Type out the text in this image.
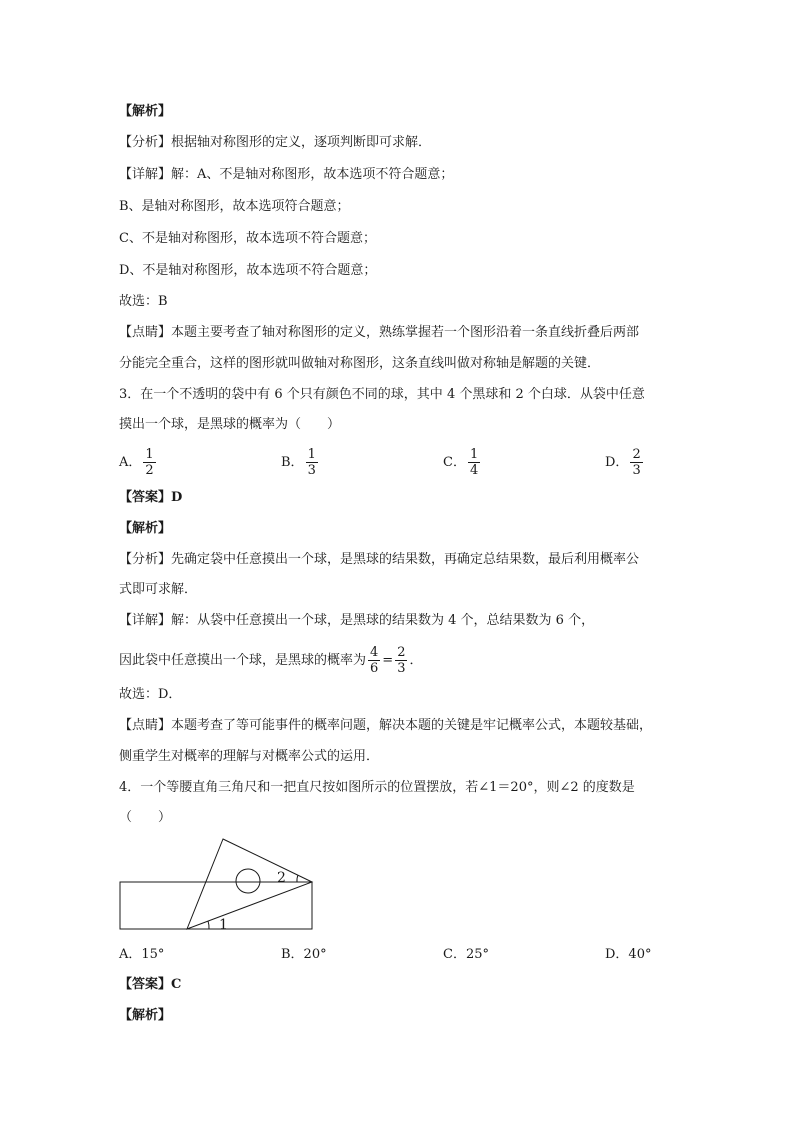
【解析】
【分析】根据轴对称图形的定义，逐项判断即可求解．
【详解】解：A、不是轴对称图形，故本选项不符合题意；
B、是轴对称图形，故本选项符合题意；
C、不是轴对称图形，故本选项不符合题意；
D、不是轴对称图形，故本选项不符合题意；
故选：B
【点睛】本题主要考查了轴对称图形的定义，熟练掌握若一个图形沿着一条直线折叠后两部
分能完全重合，这样的图形就叫做轴对称图形，这条直线叫做对称轴是解题的关键．
3．在一个不透明的袋中有 6 个只有颜色不同的球，其中 4 个黑球和 2 个白球．从袋中任意
摸出一个球，是黑球的概率为（　　）
A． $\frac{1}{2}$	B． $\frac{1}{3}$	C． $\frac{1}{4}$	D． $\frac{2}{3}$
【答案】D
【解析】
【分析】先确定袋中任意摸出一个球，是黑球的结果数，再确定总结果数，最后利用概率公
式即可求解．
【详解】解：从袋中任意摸出一个球，是黑球的结果数为 4 个，总结果数为 6 个，
因此袋中任意摸出一个球，是黑球的概率为 $\frac{4}{6} = \frac{2}{3}$ ．
故选：D．
【点睛】本题考查了等可能事件的概率问题，解决本题的关键是牢记概率公式，本题较基础，
侧重学生对概率的理解与对概率公式的运用．
4．一个等腰直角三角尺和一把直尺按如图所示的位置摆放，若∠1＝20°，则∠2 的度数是
（　　）
1
2
A．15°	B．20°	C．25°	D．40°
【答案】C
【解析】
